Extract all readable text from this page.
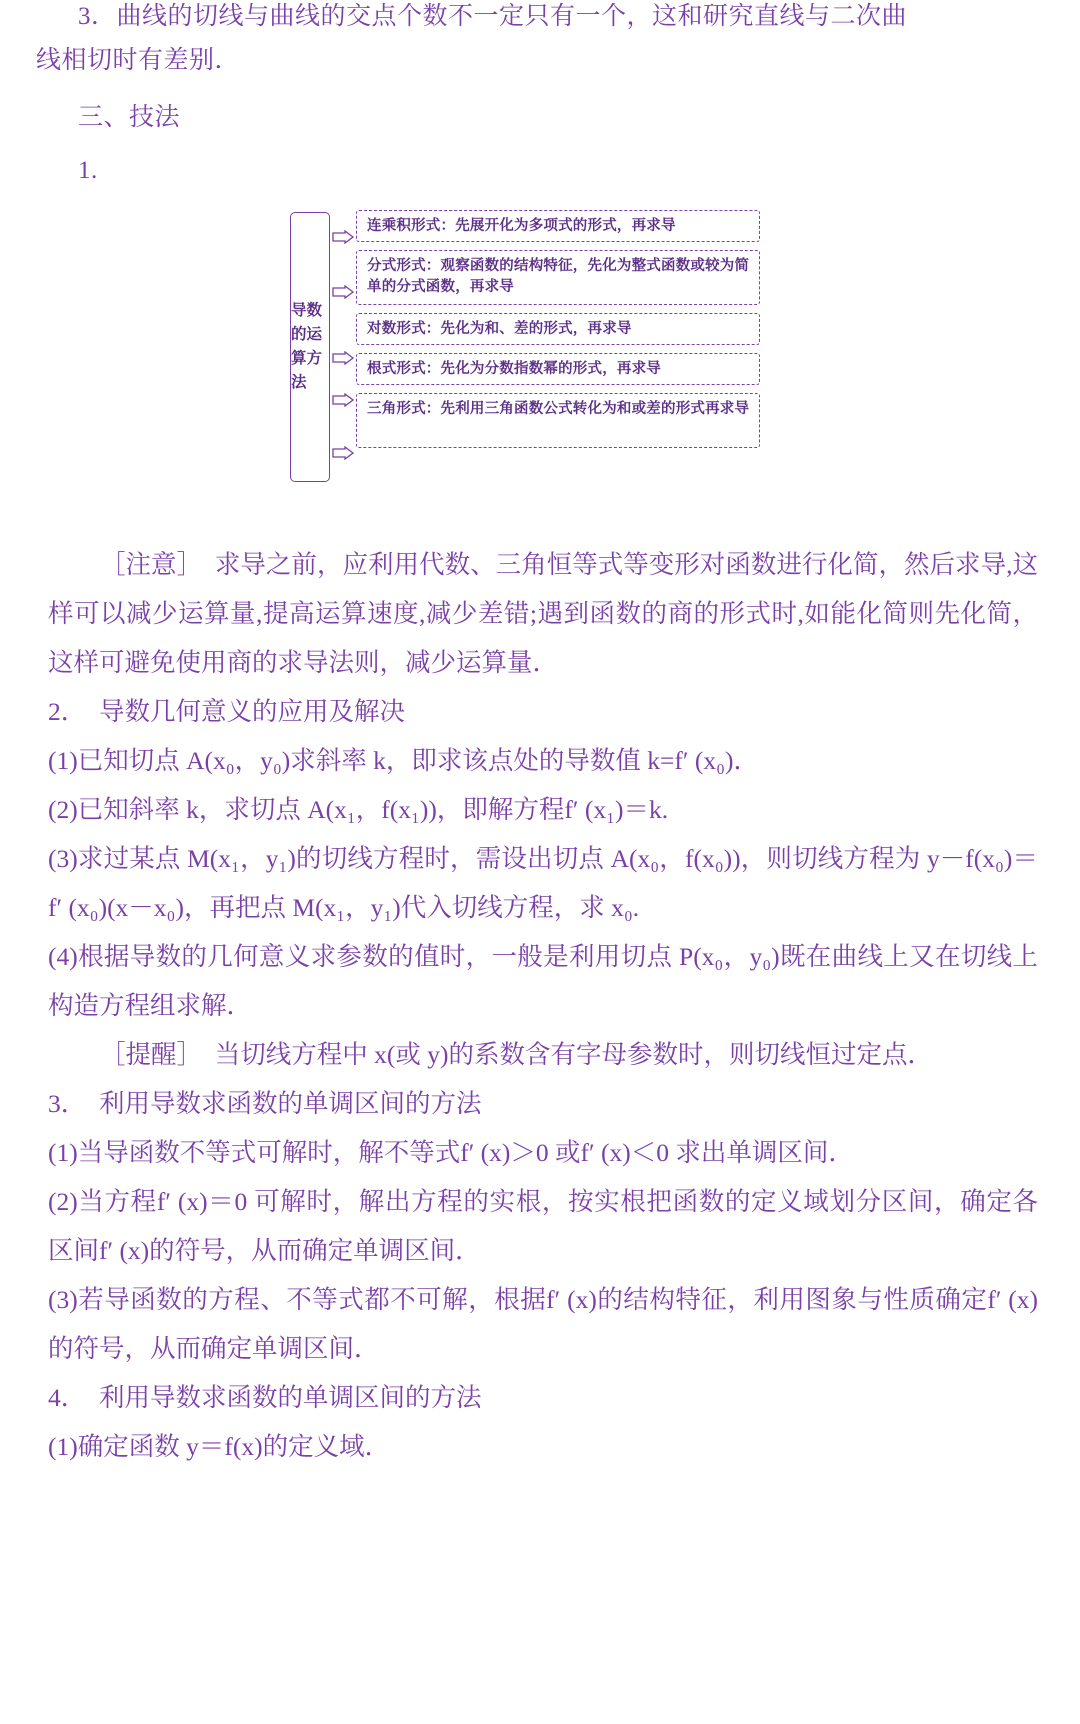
3．曲线的切线与曲线的交点个数不一定只有一个，这和研究直线与二次曲
线相切时有差别．
三、技法
1.
导数的运算方法
连乘积形式：先展开化为多项式的形式，再求导
分式形式：观察函数的结构特征，先化为整式函数或较为简单的分式函数，再求导
对数形式：先化为和、差的形式，再求导
根式形式：先化为分数指数幂的形式，再求导
三角形式：先利用三角函数公式转化为和或差的形式再求导

［注意］　求导之前，应利用代数、三角恒等式等变形对函数进行化简，然后求导,这样可以减少运算量,提高运算速度,减少差错;遇到函数的商的形式时,如能化简则先化简，这样可避免使用商的求导法则，减少运算量．

2．　导数几何意义的应用及解决

(1)已知切点 A(x₀，y₀)求斜率 k，即求该点处的导数值 k=f′ (x₀)．

(2)已知斜率 k，求切点 A(x₁，f(x₁))，即解方程f′ (x₁)＝k.

(3)求过某点 M(x₁，y₁)的切线方程时，需设出切点 A(x₀，f(x₀))，则切线方程为 y－f(x₀)＝f′ (x₀)(x－x₀)，再把点 M(x₁，y₁)代入切线方程，求 x₀.

(4)根据导数的几何意义求参数的值时，一般是利用切点 P(x₀，y₀)既在曲线上又在切线上构造方程组求解．

［提醒］　当切线方程中 x(或 y)的系数含有字母参数时，则切线恒过定点．

3．　利用导数求函数的单调区间的方法

(1)当导函数不等式可解时，解不等式f′ (x)＞0 或f′ (x)＜0 求出单调区间．

(2)当方程f′ (x)＝0 可解时，解出方程的实根，按实根把函数的定义域划分区间，确定各区间f′ (x)的符号，从而确定单调区间．

(3)若导函数的方程、不等式都不可解，根据f′ (x)的结构特征，利用图象与性质确定f′ (x)的符号，从而确定单调区间．

4．　利用导数求函数的单调区间的方法

(1)确定函数 y＝f(x)的定义域．
